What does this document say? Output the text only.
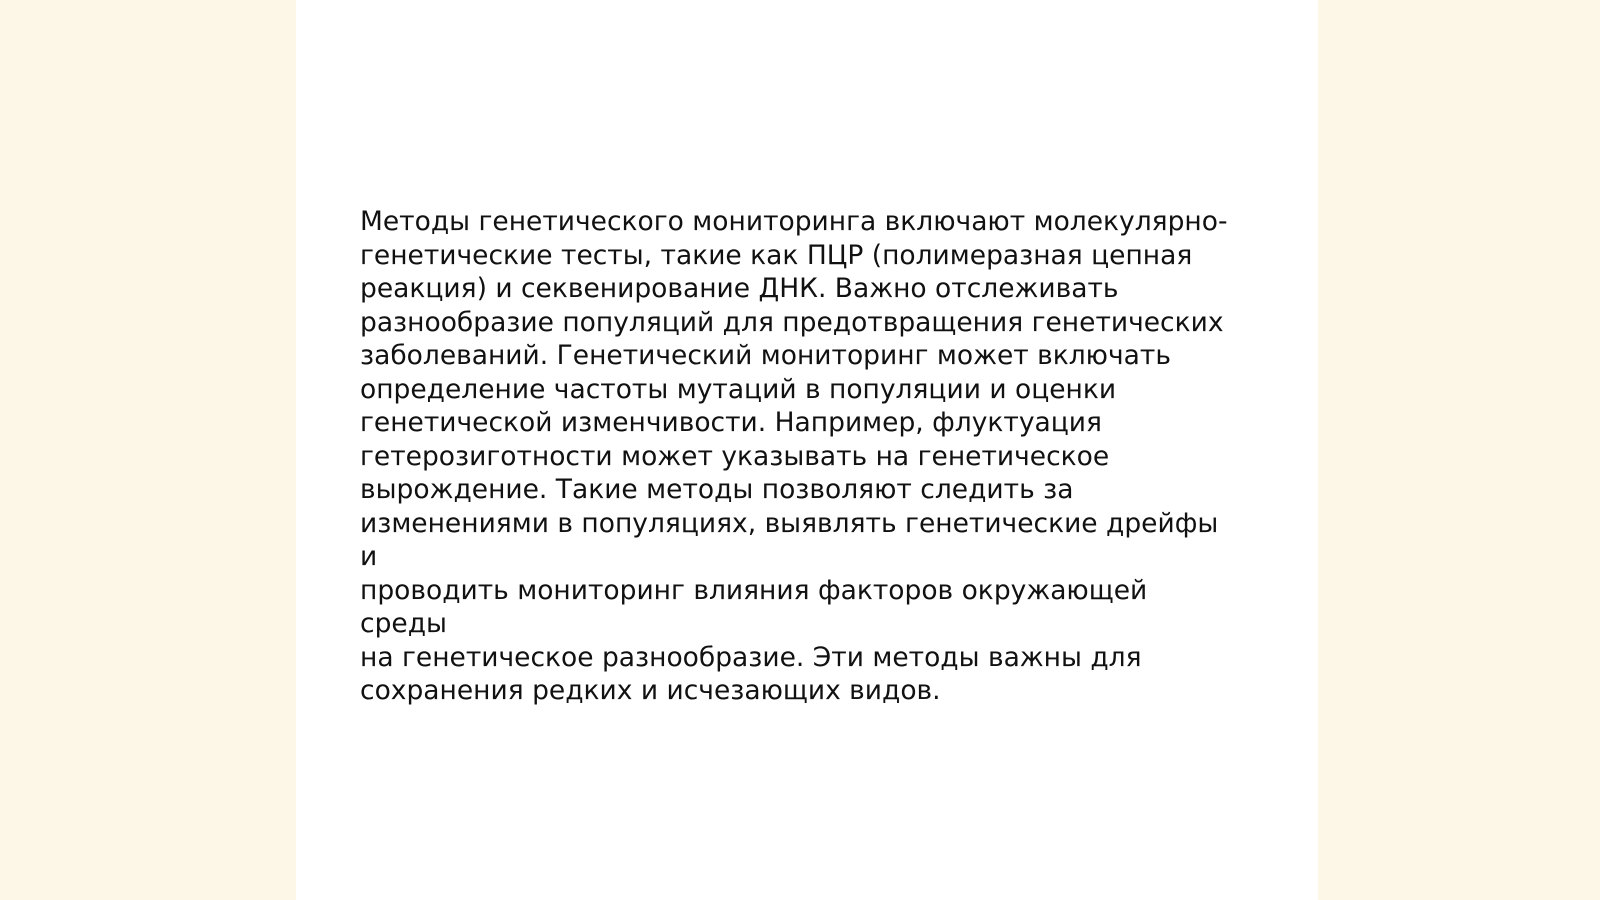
Методы генетического мониторинга включают молекулярно-
генетические тесты, такие как ПЦР (полимеразная цепная
реакция) и секвенирование ДНК. Важно отслеживать
разнообразие популяций для предотвращения генетических
заболеваний. Генетический мониторинг может включать
определение частоты мутаций в популяции и оценки
генетической изменчивости. Например, флуктуация
гетерозиготности может указывать на генетическое
вырождение. Такие методы позволяют следить за
изменениями в популяциях, выявлять генетические дрейфы и
проводить мониторинг влияния факторов окружающей среды
на генетическое разнообразие. Эти методы важны для
сохранения редких и исчезающих видов.
